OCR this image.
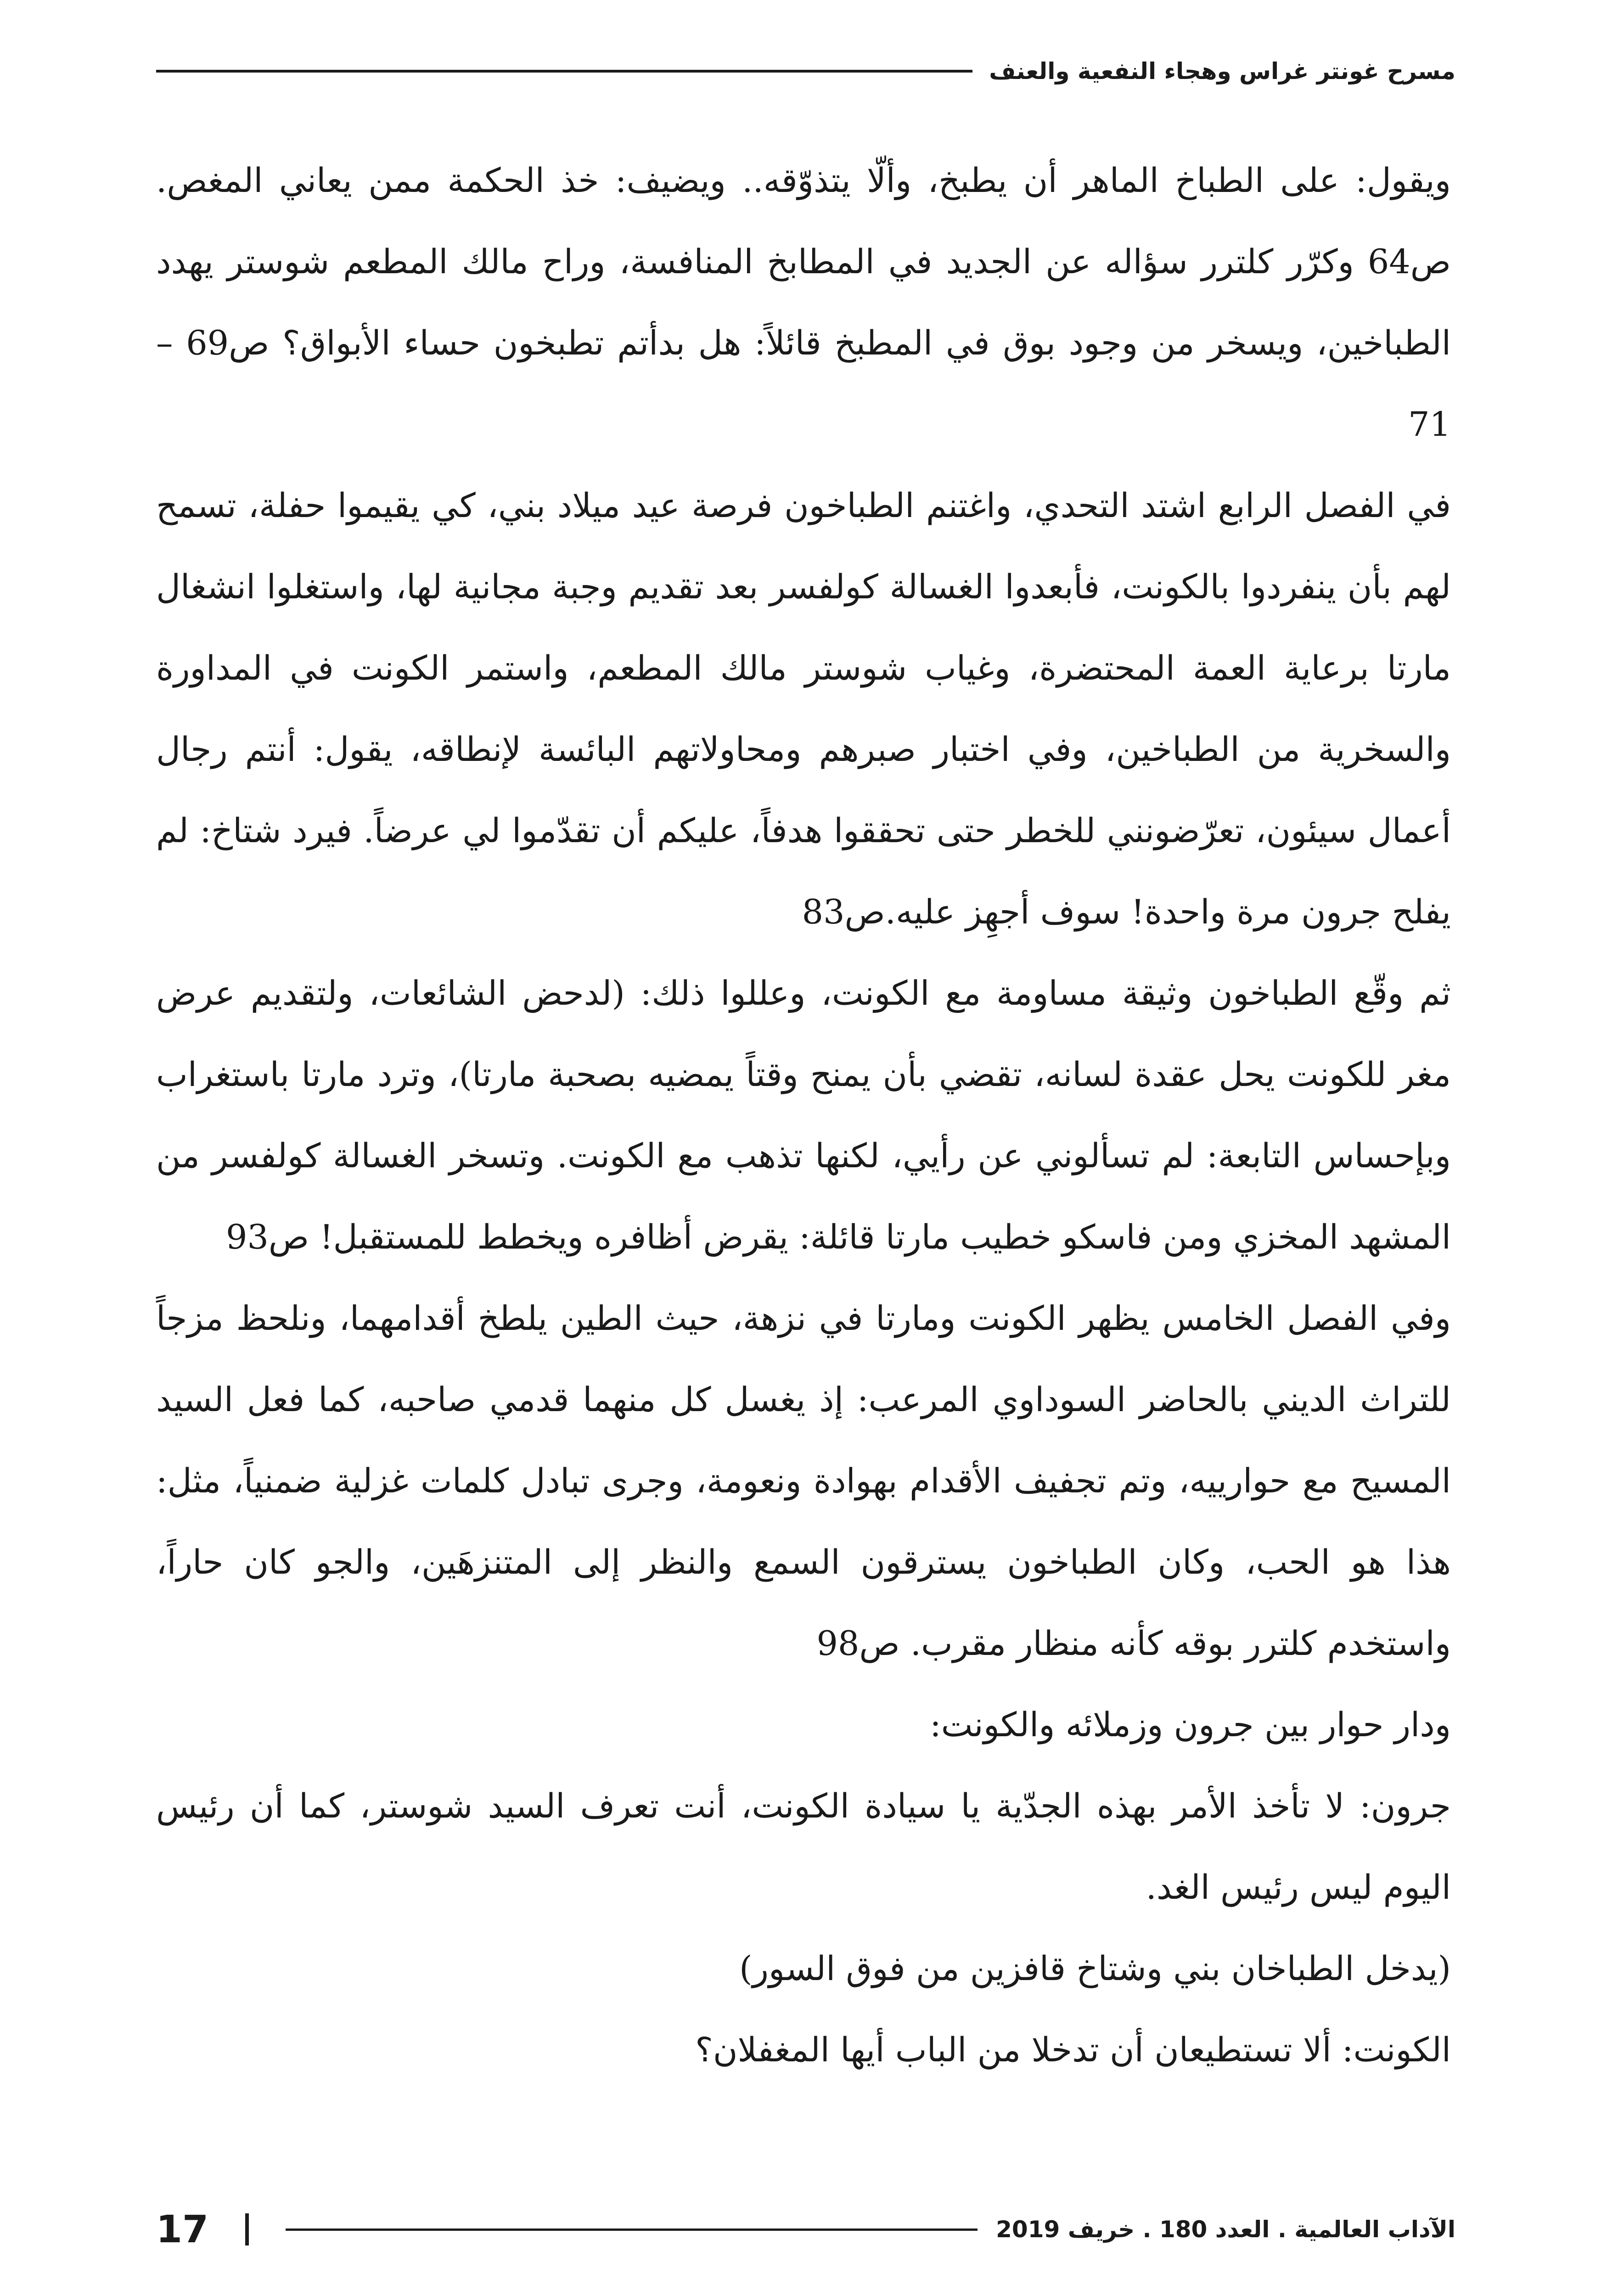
مسرح غونتر غراس وهجاء النفعية والعنف

ويقول: على الطباخ الماهر أن يطبخ، وألّا يتذوّقه.. ويضيف: خذ الحكمة ممن يعاني المغص. ص64 وكرّر كلترر سؤاله عن الجديد في المطابخ المنافسة، وراح مالك المطعم شوستر يهدد الطباخين، ويسخر من وجود بوق في المطبخ قائلاً: هل بدأتم تطبخون حساء الأبواق؟ ص69 – 71

في الفصل الرابع اشتد التحدي، واغتنم الطباخون فرصة عيد ميلاد بني، كي يقيموا حفلة، تسمح لهم بأن ينفردوا بالكونت، فأبعدوا الغسالة كولفسر بعد تقديم وجبة مجانية لها، واستغلوا انشغال مارتا برعاية العمة المحتضرة، وغياب شوستر مالك المطعم، واستمر الكونت في المداورة والسخرية من الطباخين، وفي اختبار صبرهم ومحاولاتهم البائسة لإنطاقه، يقول: أنتم رجال أعمال سيئون، تعرّضونني للخطر حتى تحققوا هدفاً، عليكم أن تقدّموا لي عرضاً. فيرد شتاخ: لم يفلح جرون مرة واحدة! سوف أجهِز عليه.ص83

ثم وقّع الطباخون وثيقة مساومة مع الكونت، وعللوا ذلك: (لدحض الشائعات، ولتقديم عرض مغر للكونت يحل عقدة لسانه، تقضي بأن يمنح وقتاً يمضيه بصحبة مارتا)، وترد مارتا باستغراب وبإحساس التابعة: لم تسألوني عن رأيي، لكنها تذهب مع الكونت. وتسخر الغسالة كولفسر من المشهد المخزي ومن فاسكو خطيب مارتا قائلة: يقرض أظافره ويخطط للمستقبل! ص93

وفي الفصل الخامس يظهر الكونت ومارتا في نزهة، حيث الطين يلطخ أقدامهما، ونلحظ مزجاً للتراث الديني بالحاضر السوداوي المرعب: إذ يغسل كل منهما قدمي صاحبه، كما فعل السيد المسيح مع حوارييه، وتم تجفيف الأقدام بهوادة ونعومة، وجرى تبادل كلمات غزلية ضمنياً، مثل: هذا هو الحب، وكان الطباخون يسترقون السمع والنظر إلى المتنزهَين، والجو كان حاراً، واستخدم كلترر بوقه كأنه منظار مقرب. ص98

ودار حوار بين جرون وزملائه والكونت:

جرون: لا تأخذ الأمر بهذه الجدّية يا سيادة الكونت، أنت تعرف السيد شوستر، كما أن رئيس اليوم ليس رئيس الغد.

(يدخل الطباخان بني وشتاخ قافزين من فوق السور)

الكونت: ألا تستطيعان أن تدخلا من الباب أيها المغفلان؟

الآداب العالمية . العدد 180 . خريف 2019
17
